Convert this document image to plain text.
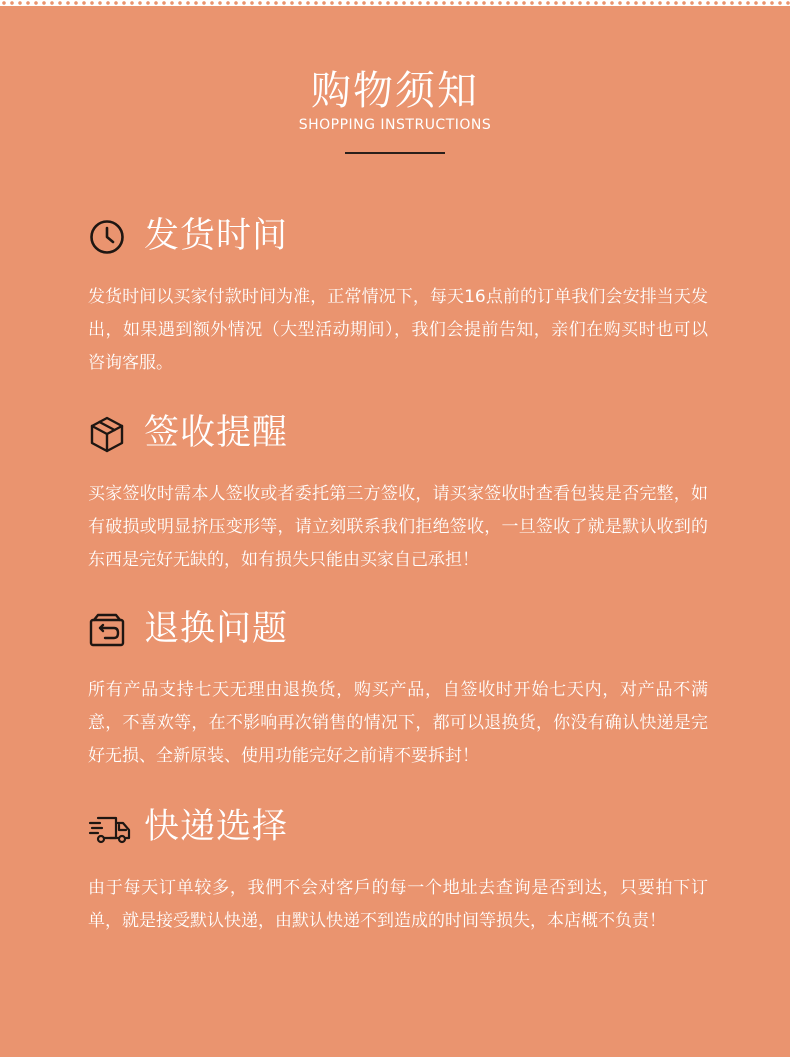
购物须知
SHOPPING INSTRUCTIONS
发货时间

发货时间以买家付款时间为准，正常情况下，每天16点前的订单我们会安排当天发出，如果遇到额外情况（大型活动期间），我们会提前告知，亲们在购买时也可以咨询客服。

签收提醒

买家签收时需本人签收或者委托第三方签收，请买家签收时查看包装是否完整，如有破损或明显挤压变形等，请立刻联系我们拒绝签收，一旦签收了就是默认收到的东西是完好无缺的，如有损失只能由买家自己承担！

退换问题

所有产品支持七天无理由退换货，购买产品，自签收时开始七天内，对产品不满意，不喜欢等，在不影响再次销售的情况下，都可以退换货，你没有确认快递是完好无损、全新原装、使用功能完好之前请不要拆封！

快递选择

由于每天订单较多，我們不会对客戶的每一个地址去查询是否到达，只要拍下订单，就是接受默认快递，由默认快递不到造成的时间等损失，本店概不负责！
